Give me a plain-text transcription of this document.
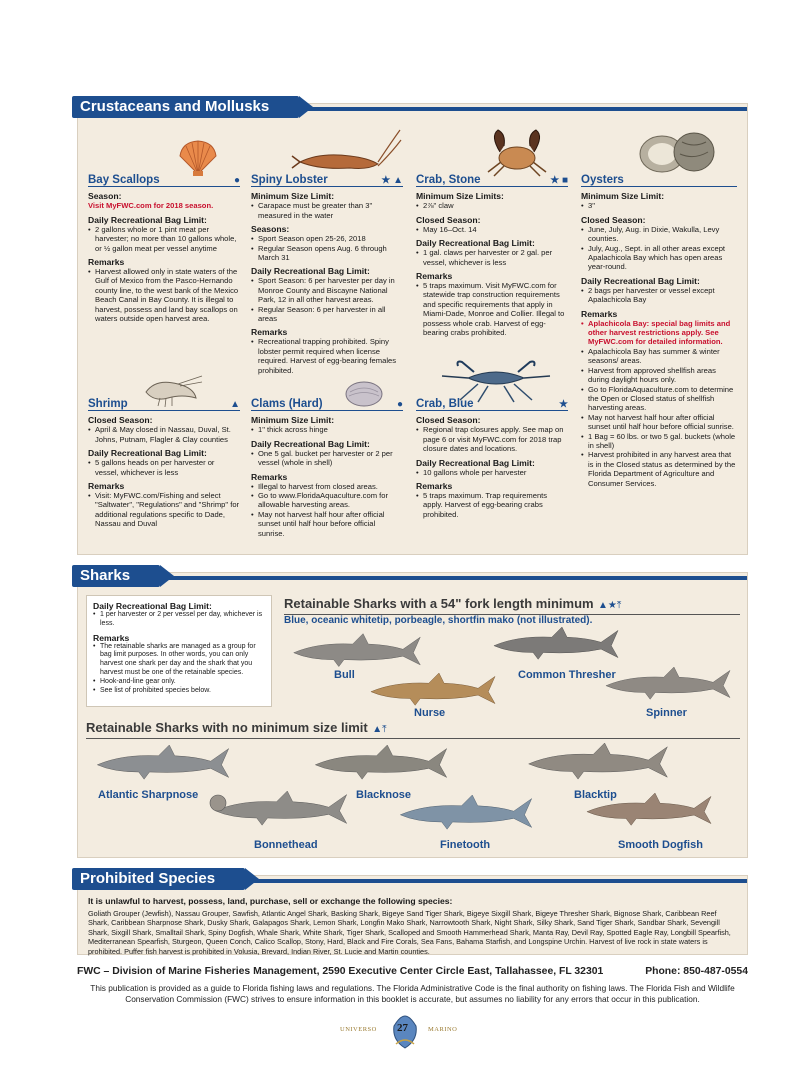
Crustaceans and Mollusks
Bay Scallops	●
Season:
Visit MyFWC.com for 2018 season.
Daily Recreational Bag Limit:
• 2 gallons whole or 1 pint meat per harvester; no more than 10 gallons whole, or ½ gallon meat per vessel anytime
Remarks
• Harvest allowed only in state waters of the Gulf of Mexico from the Pasco-Hernando county line, to the west bank of the Mexico Beach Canal in Bay County. It is illegal to harvest, possess and land bay scallops on waters outside open harvest area.
Spiny Lobster	★ ▲
Minimum Size Limit:
• Carapace must be greater than 3" measured in the water
Seasons:
• Sport Season open 25-26, 2018
• Regular Season opens Aug. 6 through March 31
Daily Recreational Bag Limit:
• Sport Season: 6 per harvester per day in Monroe County and Biscayne National Park, 12 in all other harvest areas.
• Regular Season: 6 per harvester in all areas
Remarks
• Recreational trapping prohibited. Spiny lobster permit required when license required. Harvest of egg-bearing females prohibited.
Crab, Stone	★ ■
Minimum Size Limits:
• 2⅞" claw
Closed Season:
• May 16–Oct. 14
Daily Recreational Bag Limit:
• 1 gal. claws per harvester or 2 gal. per vessel, whichever is less
Remarks
• 5 traps maximum. Visit MyFWC.com for statewide trap construction requirements and specific requirements that apply in Miami-Dade, Monroe and Collier. Illegal to possess whole crab. Harvest of egg-bearing crabs prohibited.
Oysters
Minimum Size Limit:
• 3"
Closed Season:
• June, July, Aug. in Dixie, Wakulla, Levy counties.
• July, Aug., Sept. in all other areas except Apalachicola Bay which has open areas year-round.
Daily Recreational Bag Limit:
• 2 bags per harvester or vessel except Apalachicola Bay
Remarks
• Aplachicola Bay: special bag limits and other harvest restrictions apply. See MyFWC.com for detailed information.
• Apalachicola Bay has summer & winter seasons/ areas.
• Harvest from approved shellfish areas during daylight hours only.
• Go to FloridaAquaculture.com to determine the Open or Closed status of shellfish harvesting areas.
• May not harvest half hour after official sunset until half hour before official sunrise.
• 1 Bag = 60 lbs. or two 5 gal. buckets (whole in shell)
• Harvest prohibited in any harvest area that is in the Closed status as determined by the Florida Department of Agriculture and Consumer Services.
Shrimp	▲
Closed Season:
• April & May closed in Nassau, Duval, St. Johns, Putnam, Flagler & Clay counties
Daily Recreational Bag Limit:
• 5 gallons heads on per harvester or vessel, whichever is less
Remarks
• Visit: MyFWC.com/Fishing and select "Saltwater", "Regulations" and "Shrimp" for additional regulations specific to Dade, Nassau and Duval
Clams (Hard)	●
Minimum Size Limit:
• 1" thick across hinge
Daily Recreational Bag Limit:
• One 5 gal. bucket per harvester or 2 per vessel (whole in shell)
Remarks
• Illegal to harvest from closed areas.
• Go to www.FloridaAquaculture.com for allowable harvesting areas.
• May not harvest half hour after official sunset until half hour before official sunrise.
Crab, Blue	★
Closed Season:
• Regional trap closures apply. See map on page 6 or visit MyFWC.com for 2018 trap closure dates and locations.
Daily Recreational Bag Limit:
• 10 gallons whole per harvester
Remarks
• 5 traps maximum. Trap requirements apply. Harvest of egg-bearing crabs prohibited.
Sharks
Daily Recreational Bag Limit:
• 1 per harvester or 2 per vessel per day, whichever is less.
Remarks
• The retainable sharks are managed as a group for bag limit purposes. In other words, you can only harvest one shark per day and the shark that you harvest must be one of the retainable species.
• Hook-and-line gear only.
• See list of prohibited species below.
Retainable Sharks with a 54" fork length minimum ▲★⤒
Blue, oceanic whitetip, porbeagle, shortfin mako (not illustrated).
Retainable Sharks with no minimum size limit ▲⤒
Bull	Common Thresher
Nurse	Spinner
Atlantic Sharpnose	Blacknose	Blacktip
Bonnethead	Finetooth	Smooth Dogfish
Prohibited Species
It is unlawful to harvest, possess, land, purchase, sell or exchange the following species:
Goliath Grouper (Jewfish), Nassau Grouper, Sawfish, Atlantic Angel Shark, Basking Shark, Bigeye Sand Tiger Shark, Bigeye Sixgill Shark, Bigeye Thresher Shark, Bignose Shark, Caribbean Reef Shark, Caribbean Sharpnose Shark, Dusky Shark, Galapagos Shark, Lemon Shark, Longfin Mako Shark, Narrowtooth Shark, Night Shark, Silky Shark, Sand Tiger Shark, Sandbar Shark, Sevengill Shark, Sixgill Shark, Smalltail Shark, Spiny Dogfish, Whale Shark, White Shark, Tiger Shark, Scalloped and Smooth Hammerhead Shark, Manta Ray, Devil Ray, Spotted Eagle Ray, Longbill Spearfish, Mediterranean Spearfish, Sturgeon, Queen Conch, Calico Scallop, Stony, Hard, Black and Fire Corals, Sea Fans, Bahama Starfish, and Longspine Urchin. Harvest of live rock in state waters is prohibited. Puffer fish harvest is prohibited in Volusia, Brevard, Indian River, St. Lucie and Martin counties.
FWC – Division of Marine Fisheries Management, 2590 Executive Center Circle East, Tallahassee, FL 32301	Phone: 850-487-0554
This publication is provided as a guide to Florida fishing laws and regulations. The Florida Administrative Code is the final authority on fishing laws. The Florida Fish and Wildlife Conservation Commission (FWC) strives to ensure information in this booklet is accurate, but assumes no liability for any errors that occur in this publication.
UNIVERSO 27	MARINO
